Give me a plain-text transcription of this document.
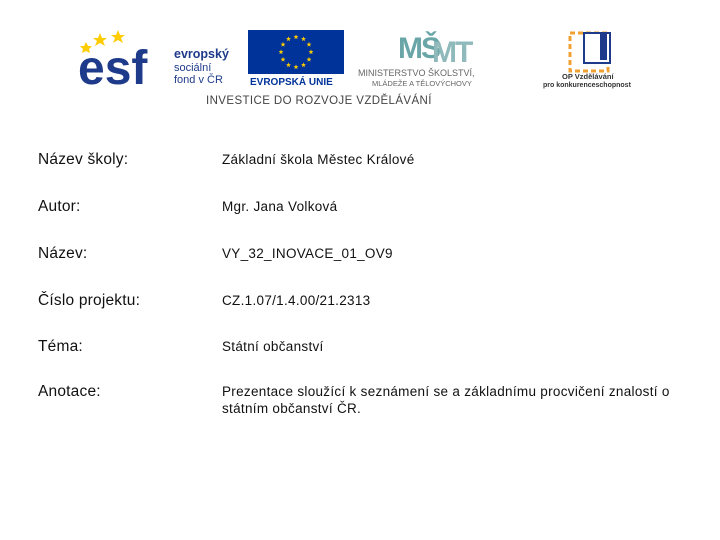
esf evropský
sociální
fond v ČR	EVROPSKÁ UNIE
MŠ
MT
MINISTERSTVO ŠKOLSTVÍ,
MLÁDEŽE A TĚLOVÝCHOVY
OP Vzdělávání
pro konkurenceschopnost
INVESTICE DO ROZVOJE VZDĚLÁVÁNÍ
Název školy:	Základní škola Městec Králové
Autor:	Mgr. Jana Volková
Název:	VY_32_INOVACE_01_OV9
Číslo projektu:	CZ.1.07/1.4.00/21.2313
Téma:	Státní občanství
Anotace:	Prezentace sloužící k seznámení se a základnímu procvičení znalostí o státním občanství ČR.
